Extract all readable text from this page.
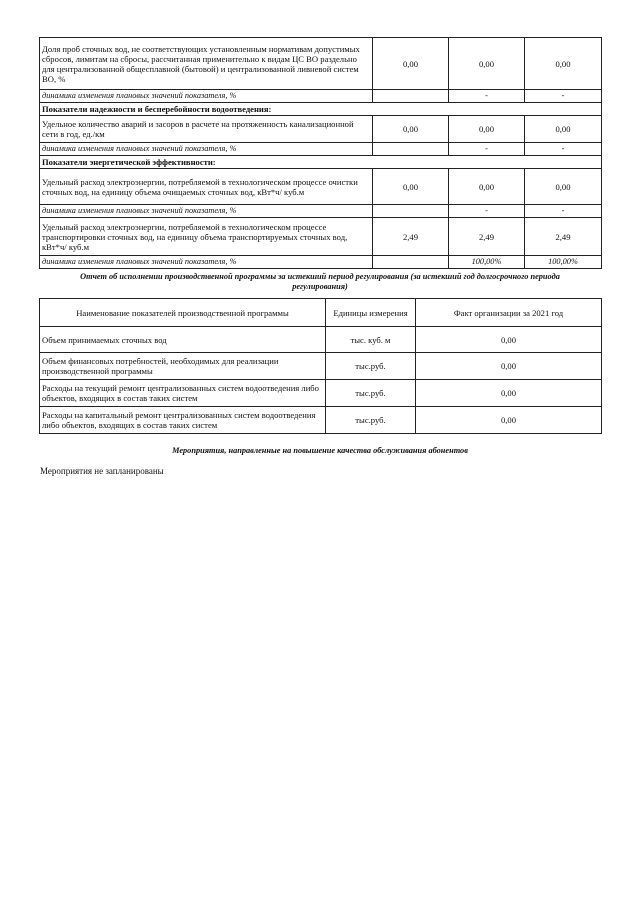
Доля проб сточных вод, не соответствующих установленным нормативам допустимых сбросов, лимитам на сбросы, рассчитанная применительно к видам ЦС ВО раздельно для централизованной общесплавной (бытовой) и централизованной ливневой систем ВО, %	0,00	0,00	0,00
динамика изменения плановых значений показателя, %		-	-
Показатели надежности и бесперебойности водоотведения:			
Удельное количество аварий и засоров в расчете на протяженность канализационной сети в год, ед./км	0,00	0,00	0,00
динамика изменения плановых значений показателя, %		-	-
Показатели энергетической эффективности:			
Удельный расход электроэнергии, потребляемой в технологическом процессе очистки сточных вод, на единицу объема очищаемых сточных вод, кВт*ч/ куб.м	0,00	0,00	0,00
динамика изменения плановых значений показателя, %		-	-
Удельный расход электроэнергии, потребляемой в технологическом процессе транспортировки сточных вод, на единицу объема транспортируемых сточных вод, кВт*ч/ куб.м	2,49	2,49	2,49
динамика изменения плановых значений показателя, %		100,00%	100,00%
Отчет об исполнении производственной программы за истекший период регулирования (за истекший год долгосрочного периода регулирования)
Наименование показателей производственной программы	Единицы измерения	Факт организации за 2021 год
Объем принимаемых сточных вод	тыс. куб. м	0,00
Объем финансовых потребностей, необходимых для реализации производственной программы	тыс.руб.	0,00
Расходы на текущий ремонт централизованных систем водоотведения либо объектов, входящих в состав таких систем	тыс.руб.	0,00
Расходы на капитальный ремонт централизованных систем водоотведения либо объектов, входящих в состав таких систем	тыс.руб.	0,00
Мероприятия, направленные на повышение качества обслуживания абонентов
Мероприятия не запланированы
